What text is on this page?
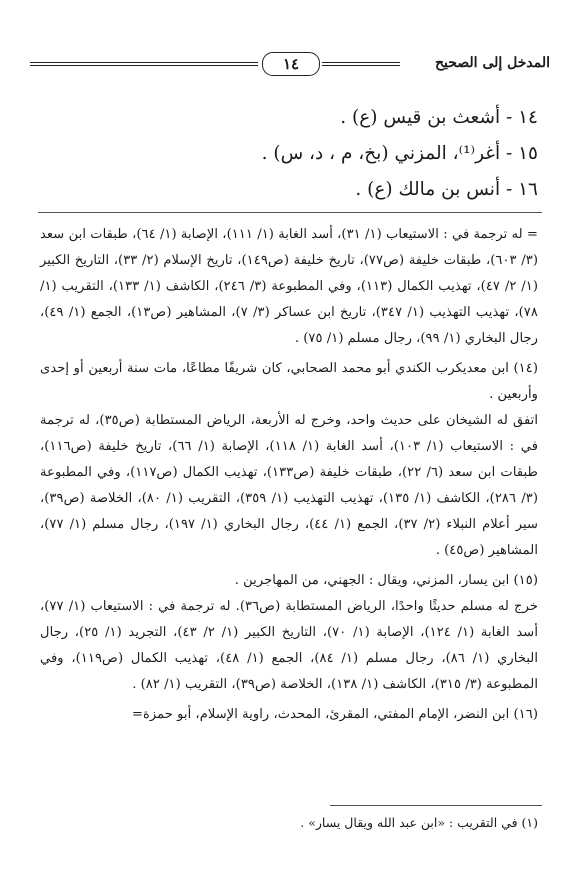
المدخل إلى الصحيح
١٤
١٤ - أشعث بن قيس (ع) .
١٥ - أغر⁽¹⁾، المزني (بخ، م ، د، س) .
١٦ - أنس بن مالك (ع) .

= له ترجمة في : الاستيعاب (١/ ٣١)، أسد الغابة (١/ ١١١)، الإصابة (١/ ٦٤)، طبقات ابن سعد (٣/ ٦٠٣)، طبقات خليفة (ص٧٧)، تاريخ خليفة (ص١٤٩)، تاريخ الإسلام (٢/ ٣٣)، التاريخ الكبير (١/ ٢/ ٤٧)، تهذيب الكمال (١١٣)، وفي المطبوعة (٣/ ٢٤٦)، الكاشف (١/ ١٣٣)، التقريب (١/ ٧٨)، تهذيب التهذيب (١/ ٣٤٧)، تاريخ ابن عساكر (٣/ ٧)، المشاهير (ص١٣)، الجمع (١/ ٤٩)، رجال البخاري (١/ ٩٩)، رجال مسلم (١/ ٧٥) .

(١٤) ابن معديكرب الكندي أبو محمد الصحابي، كان شريفًا مطاعًا، مات سنة أربعين أو إحدى وأربعين .

اتفق له الشيخان على حديث واحد، وخرج له الأربعة، الرياض المستطابة (ص٣٥)، له ترجمة في : الاستيعاب (١/ ١٠٣)، أسد الغابة (١/ ١١٨)، الإصابة (١/ ٦٦)، تاريخ خليفة (ص١١٦)، طبقات ابن سعد (٦/ ٢٢)، طبقات خليفة (ص١٣٣)، تهذيب الكمال (ص١١٧)، وفي المطبوعة (٣/ ٢٨٦)، الكاشف (١/ ١٣٥)، تهذيب التهذيب (١/ ٣٥٩)، التقريب (١/ ٨٠)، الخلاصة (ص٣٩)، سير أعلام النبلاء (٢/ ٣٧)، الجمع (١/ ٤٤)، رجال البخاري (١/ ١٩٧)، رجال مسلم (١/ ٧٧)، المشاهير (ص٤٥) .

(١٥) ابن يسار، المزني، ويقال : الجهني، من المهاجرين .

خرج له مسلم حديثًا واحدًا، الرياض المستطابة (ص٣٦). له ترجمة في : الاستيعاب (١/ ٧٧)، أسد الغابة (١/ ١٢٤)، الإصابة (١/ ٧٠)، التاريخ الكبير (١/ ٢/ ٤٣)، التجريد (١/ ٢٥)، رجال البخاري (١/ ٨٦)، رجال مسلم (١/ ٨٤)، الجمع (١/ ٤٨)، تهذيب الكمال (ص١١٩)، وفي المطبوعة (٣/ ٣١٥)، الكاشف (١/ ١٣٨)، الخلاصة (ص٣٩)، التقريب (١/ ٨٢) .

(١٦) ابن النضر، الإمام المفتي، المقرئ، المحدث، راوية الإسلام، أبو حمزة=

(١) في التقريب : «ابن عبد الله ويقال يسار» .
